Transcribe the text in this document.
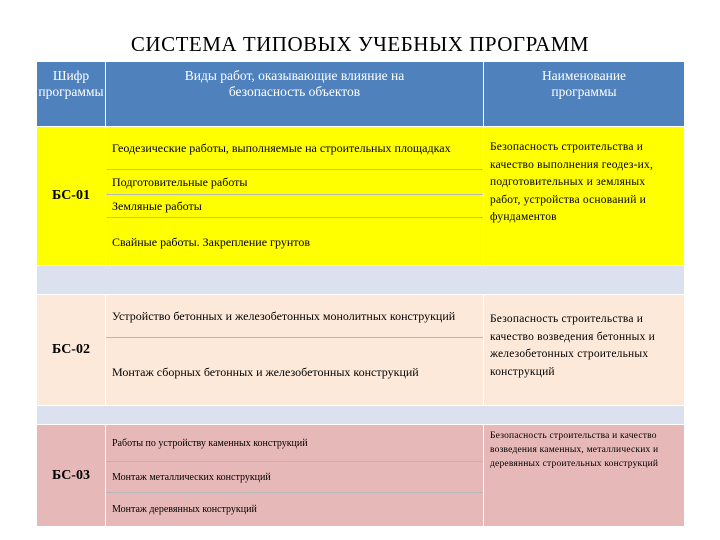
СИСТЕМА ТИПОВЫХ УЧЕБНЫХ ПРОГРАММ
Шифр программы
Виды работ, оказывающие влияние на безопасность объектов
Наименование программы
БС-01
Геодезические работы, выполняемые на строительных площадках
Подготовительные работы
Земляные работы
Свайные работы. Закрепление грунтов
Безопасность строительства и качество выполнения геодез-их, подготовительных и земляных работ, устройства оснований и фундаментов
БС-02
Устройство бетонных и железобетонных монолитных конструкций
Монтаж сборных бетонных и железобетонных конструкций
Безопасность строительства и качество возведения бетонных и железобетонных строительных конструкций
БС-03
Работы по устройству каменных конструкций
Монтаж металлических конструкций
Монтаж деревянных конструкций
Безопасность строительства и качество возведения каменных, металлических и деревянных строительных конструкций
